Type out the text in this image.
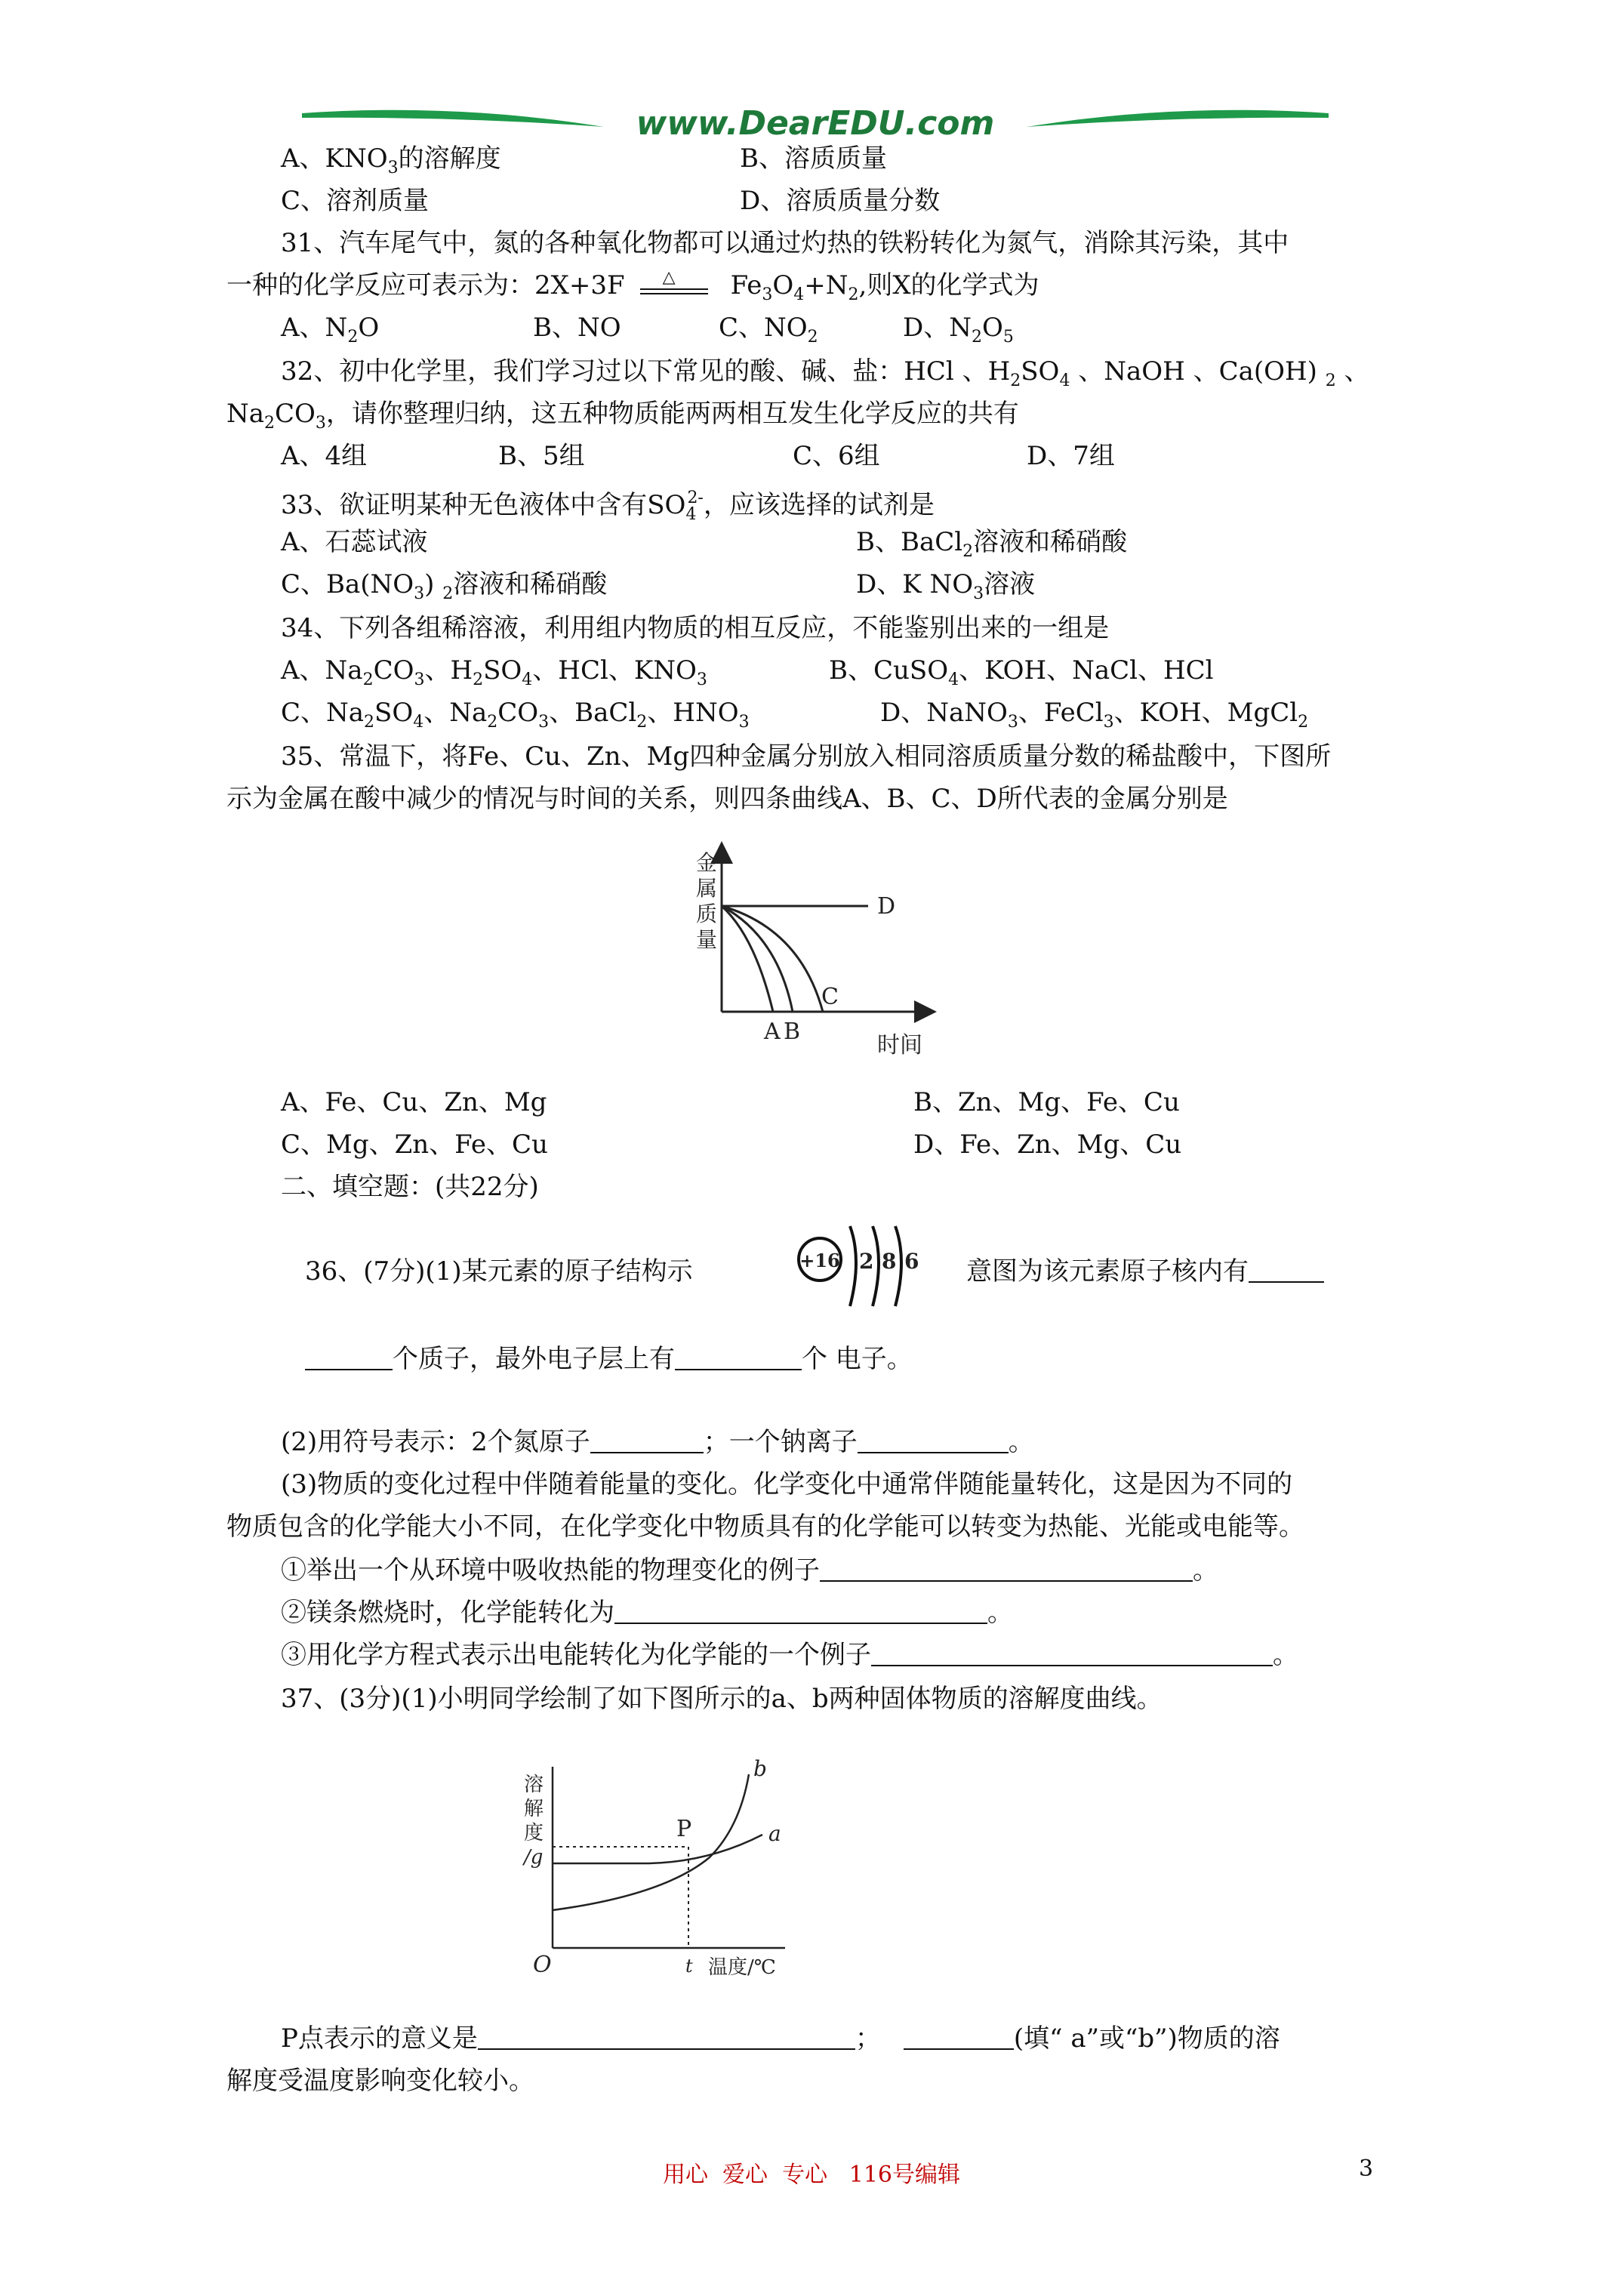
www.DearEDU.com
A、$KNO_3$的溶解度	B、溶质质量
C、溶剂质量	D、溶质质量分数
31、汽车尾气中，氮的各种氧化物都可以通过灼热的铁粉转化为氮气，消除其污染，其中
一种的化学反应可表示为：2X+3F △ $Fe_3O_4+N_2$,则X的化学式为
A、$N_2O$	B、NO	C、$NO_2$	D、$N_2O_5$
32、初中化学里，我们学习过以下常见的酸、碱、盐：HCl 、$H_2SO_4$ 、NaOH 、Ca(OH) $_2$ 、
$Na_2CO_3$，请你整理归纳，这五种物质能两两相互发生化学反应的共有
A、4组	B、5组	C、6组	D、7组
33、欲证明某种无色液体中含有$SO_4^{2-}$，应该选择的试剂是
A、石蕊试液	B、BaCl$_2$溶液和稀硝酸
C、$Ba(NO_3)$ $_2$溶液和稀硝酸	D、K $NO_3$溶液
34、下列各组稀溶液，利用组内物质的相互反应，不能鉴别出来的一组是
A、$Na_2CO_3$、$H_2SO_4$、HCl、$KNO_3$	B、CuSO$_4$、KOH、NaCl、HCl
C、$Na_2SO_4$、$Na_2CO_3$、BaCl$_2$、$HNO_3$	D、NaNO$_3$、FeCl$_3$、KOH、MgCl$_2$
35、常温下，将Fe、Cu、Zn、Mg四种金属分别放入相同溶质质量分数的稀盐酸中，下图所
示为金属在酸中减少的情况与时间的关系，则四条曲线A、B、C、D所代表的金属分别是
金
属
质
量
D
C
A B
时间
A、Fe、Cu、Zn、Mg	B、Zn、Mg、Fe、Cu
C、Mg、Zn、Fe、Cu	D、Fe、Zn、Mg、Cu
二、填空题：(共22分)
36、(7分)(1)某元素的原子结构示	+16 2 8 6 意图为该元素原子核内有
个质子，最外电子层上有	个 电子。
(2)用符号表示：2个氮原子	；一个钠离子	。
(3)物质的变化过程中伴随着能量的变化。化学变化中通常伴随能量转化，这是因为不同的
物质包含的化学能大小不同，在化学变化中物质具有的化学能可以转变为热能、光能或电能等。
①举出一个从环境中吸收热能的物理变化的例子	。
②镁条燃烧时，化学能转化为	。
③用化学方程式表示出电能转化为化学能的一个例子	。
37、(3分)(1)小明同学绘制了如下图所示的a、b两种固体物质的溶解度曲线。
溶
解
度
/g
O
P
b
a
t 温度/℃
P点表示的意义是	；	(填“ a”或“b”)物质的溶
解度受温度影响变化较小。
用心  爱心  专心   116号编辑	3
